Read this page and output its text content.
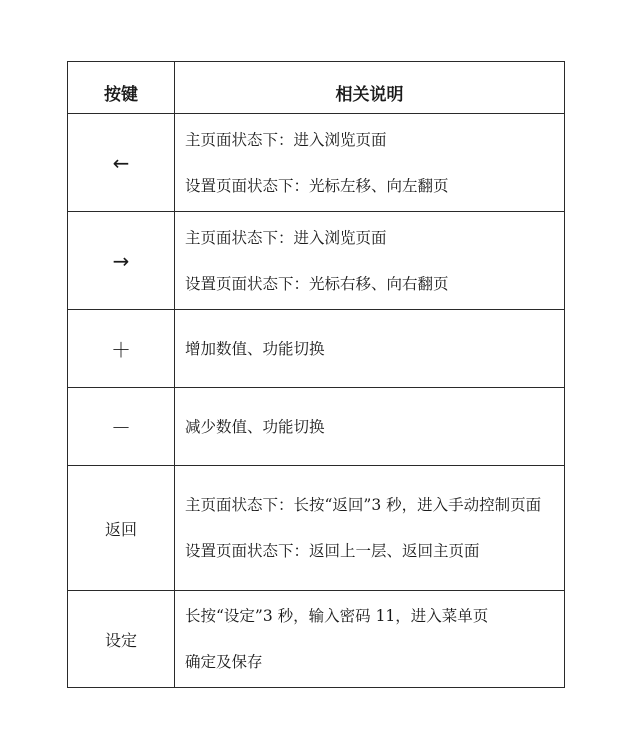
按键	相关说明
←	主页面状态下：进入浏览页面

设置页面状态下：光标左移、向左翻页

→	主页面状态下：进入浏览页面

设置页面状态下：光标右移、向右翻页

＋	增加数值、功能切换

－	减少数值、功能切换

返回	主页面状态下：长按“返回”3 秒，进入手动控制页面

设置页面状态下：返回上一层、返回主页面

设定	长按“设定”3 秒，输入密码 11，进入菜单页

确定及保存
